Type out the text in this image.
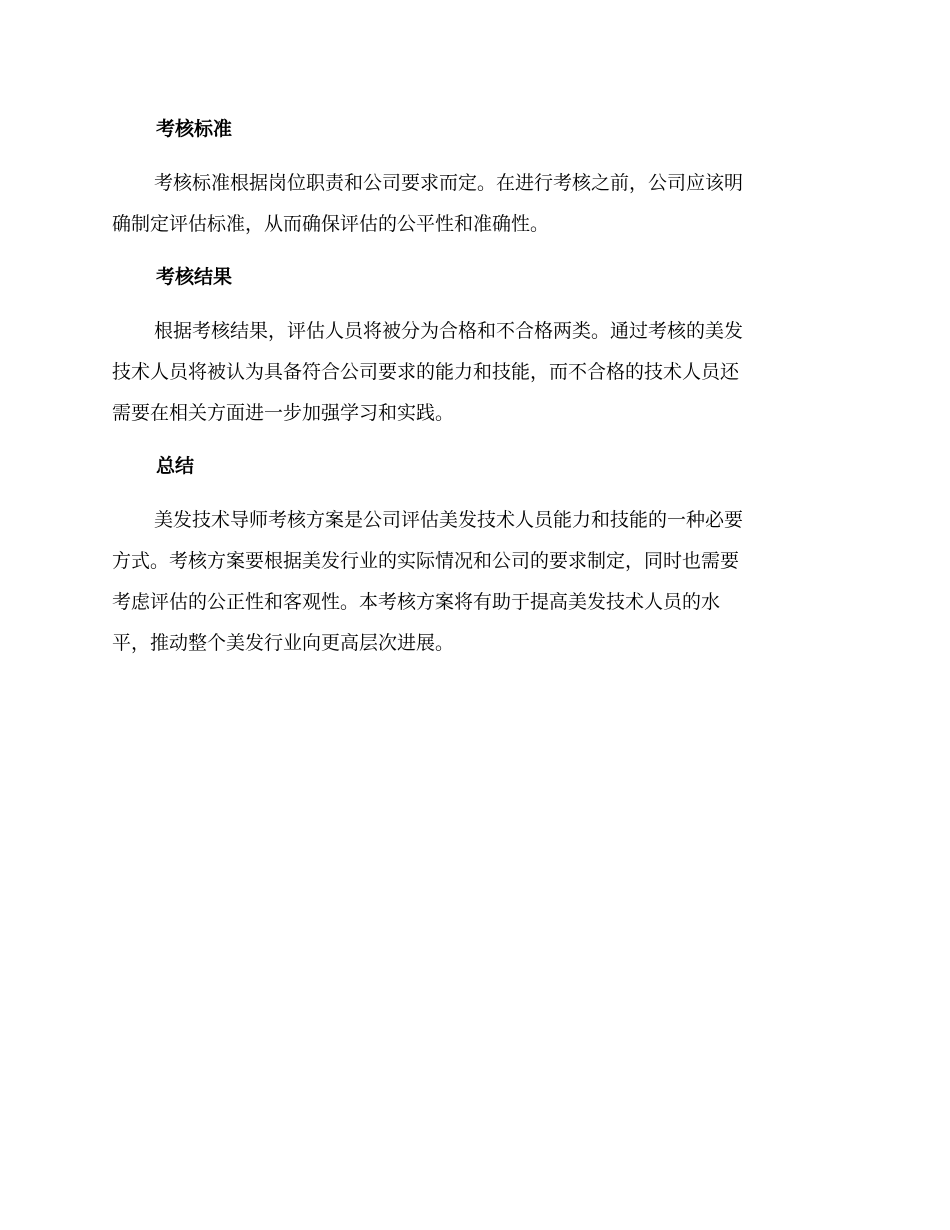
考核标准

考核标准根据岗位职责和公司要求而定。在进行考核之前，公司应该明
确制定评估标准，从而确保评估的公平性和准确性。

考核结果

根据考核结果，评估人员将被分为合格和不合格两类。通过考核的美发
技术人员将被认为具备符合公司要求的能力和技能，而不合格的技术人员还
需要在相关方面进一步加强学习和实践。

总结

美发技术导师考核方案是公司评估美发技术人员能力和技能的一种必要
方式。考核方案要根据美发行业的实际情况和公司的要求制定，同时也需要
考虑评估的公正性和客观性。本考核方案将有助于提高美发技术人员的水
平，推动整个美发行业向更高层次进展。
